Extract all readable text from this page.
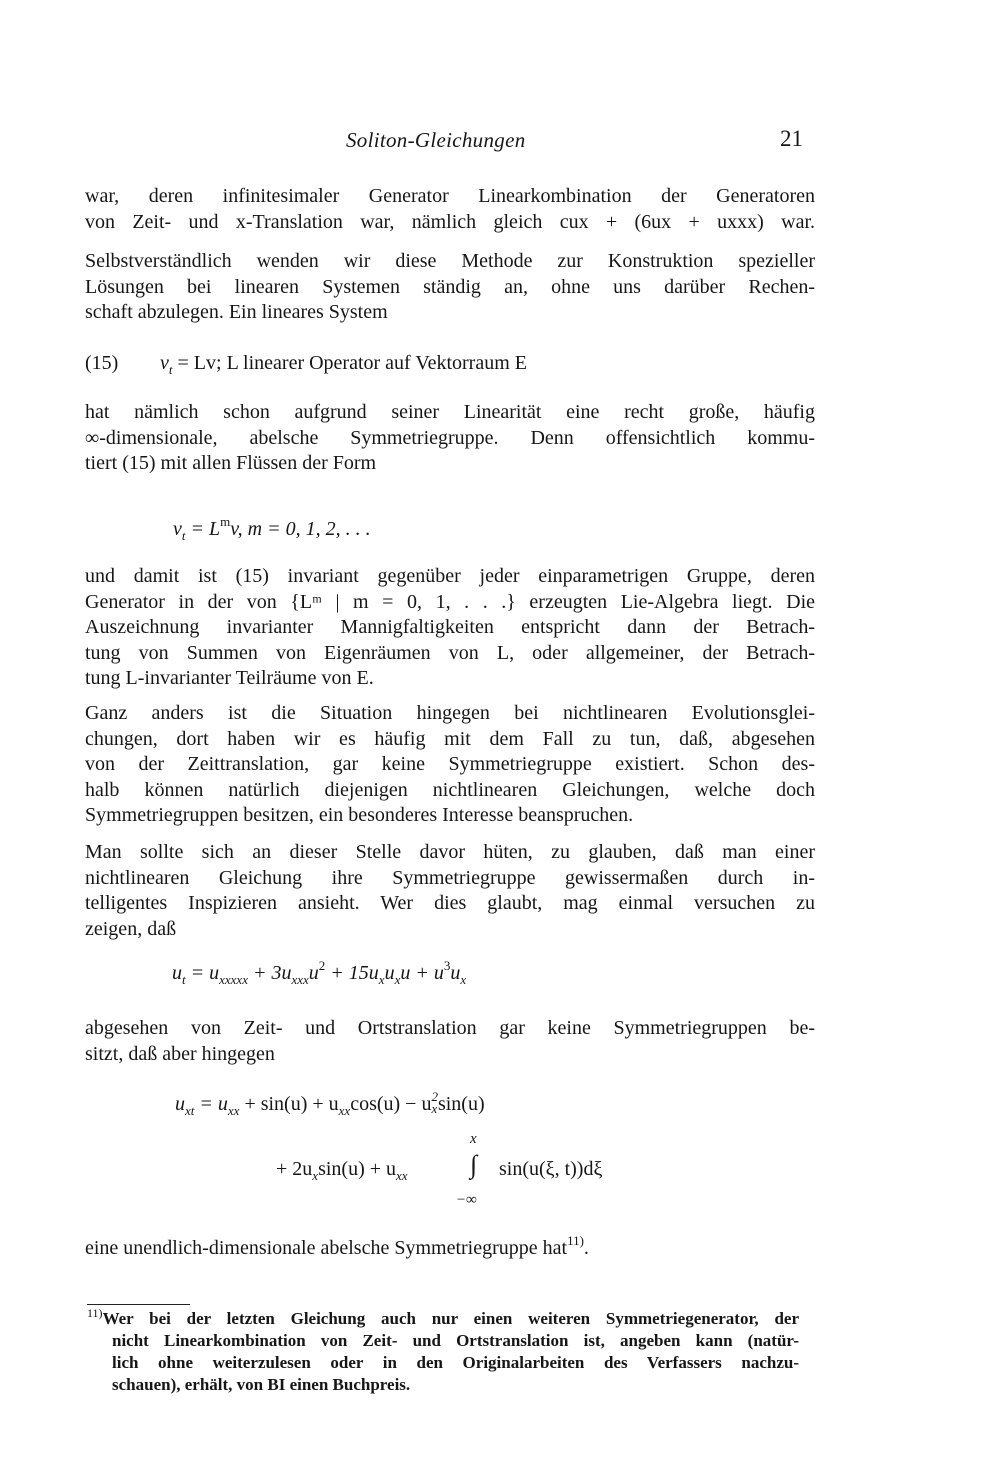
Soliton-Gleichungen	21
war, deren infinitesimaler Generator Linearkombination der Generatoren
von Zeit- und x-Translation war, nämlich gleich cux + (6ux + uxxx) war.
Selbstverständlich wenden wir diese Methode zur Konstruktion spezieller
Lösungen bei linearen Systemen ständig an, ohne uns darüber Rechen-
schaft abzulegen. Ein lineares System
(15) $v_t = Lv$; L linearer Operator auf Vektorraum E
hat nämlich schon aufgrund seiner Linearität eine recht große, häufig
∞-dimensionale, abelsche Symmetriegruppe. Denn offensichtlich kommu-
tiert (15) mit allen Flüssen der Form
$v_t = L^mv$, m = 0, 1, 2, . . .
und damit ist (15) invariant gegenüber jeder einparametrigen Gruppe, deren
Generator in der von {Lᵐ | m = 0, 1, . . .} erzeugten Lie-Algebra liegt. Die
Auszeichnung invarianter Mannigfaltigkeiten entspricht dann der Betrach-
tung von Summen von Eigenräumen von L, oder allgemeiner, der Betrach-
tung L-invarianter Teilräume von E.
Ganz anders ist die Situation hingegen bei nichtlinearen Evolutionsglei-
chungen, dort haben wir es häufig mit dem Fall zu tun, daß, abgesehen
von der Zeittranslation, gar keine Symmetriegruppe existiert. Schon des-
halb können natürlich diejenigen nichtlinearen Gleichungen, welche doch
Symmetriegruppen besitzen, ein besonderes Interesse beanspruchen.
Man sollte sich an dieser Stelle davor hüten, zu glauben, daß man einer
nichtlinearen Gleichung ihre Symmetriegruppe gewissermaßen durch in-
telligentes Inspizieren ansieht. Wer dies glaubt, mag einmal versuchen zu
zeigen, daß
$u_t = u_{xxxxx} + 3u_{xxx}u^2 + 15u_xu_xu + u^3u_x$
abgesehen von Zeit- und Ortstranslation gar keine Symmetriegruppen be-
sitzt, daß aber hingegen
$u_{xt} = u_{xx} + \sin(u) + u_{xx}\cos(u) - u$ 2
x sin(u)
x
+ $2u_x\sin(u) + u_{xx}$ ∫ sin(u(ξ, t))dξ
−∞
eine unendlich-dimensionale abelsche Symmetriegruppe hat$^{11)}$.
$^{11)}$Wer bei der letzten Gleichung auch nur einen weiteren Symmetriegenerator, der
nicht Linearkombination von Zeit- und Ortstranslation ist, angeben kann (natür-
lich ohne weiterzulesen oder in den Originalarbeiten des Verfassers nachzu-
schauen), erhält, von BI einen Buchpreis.
